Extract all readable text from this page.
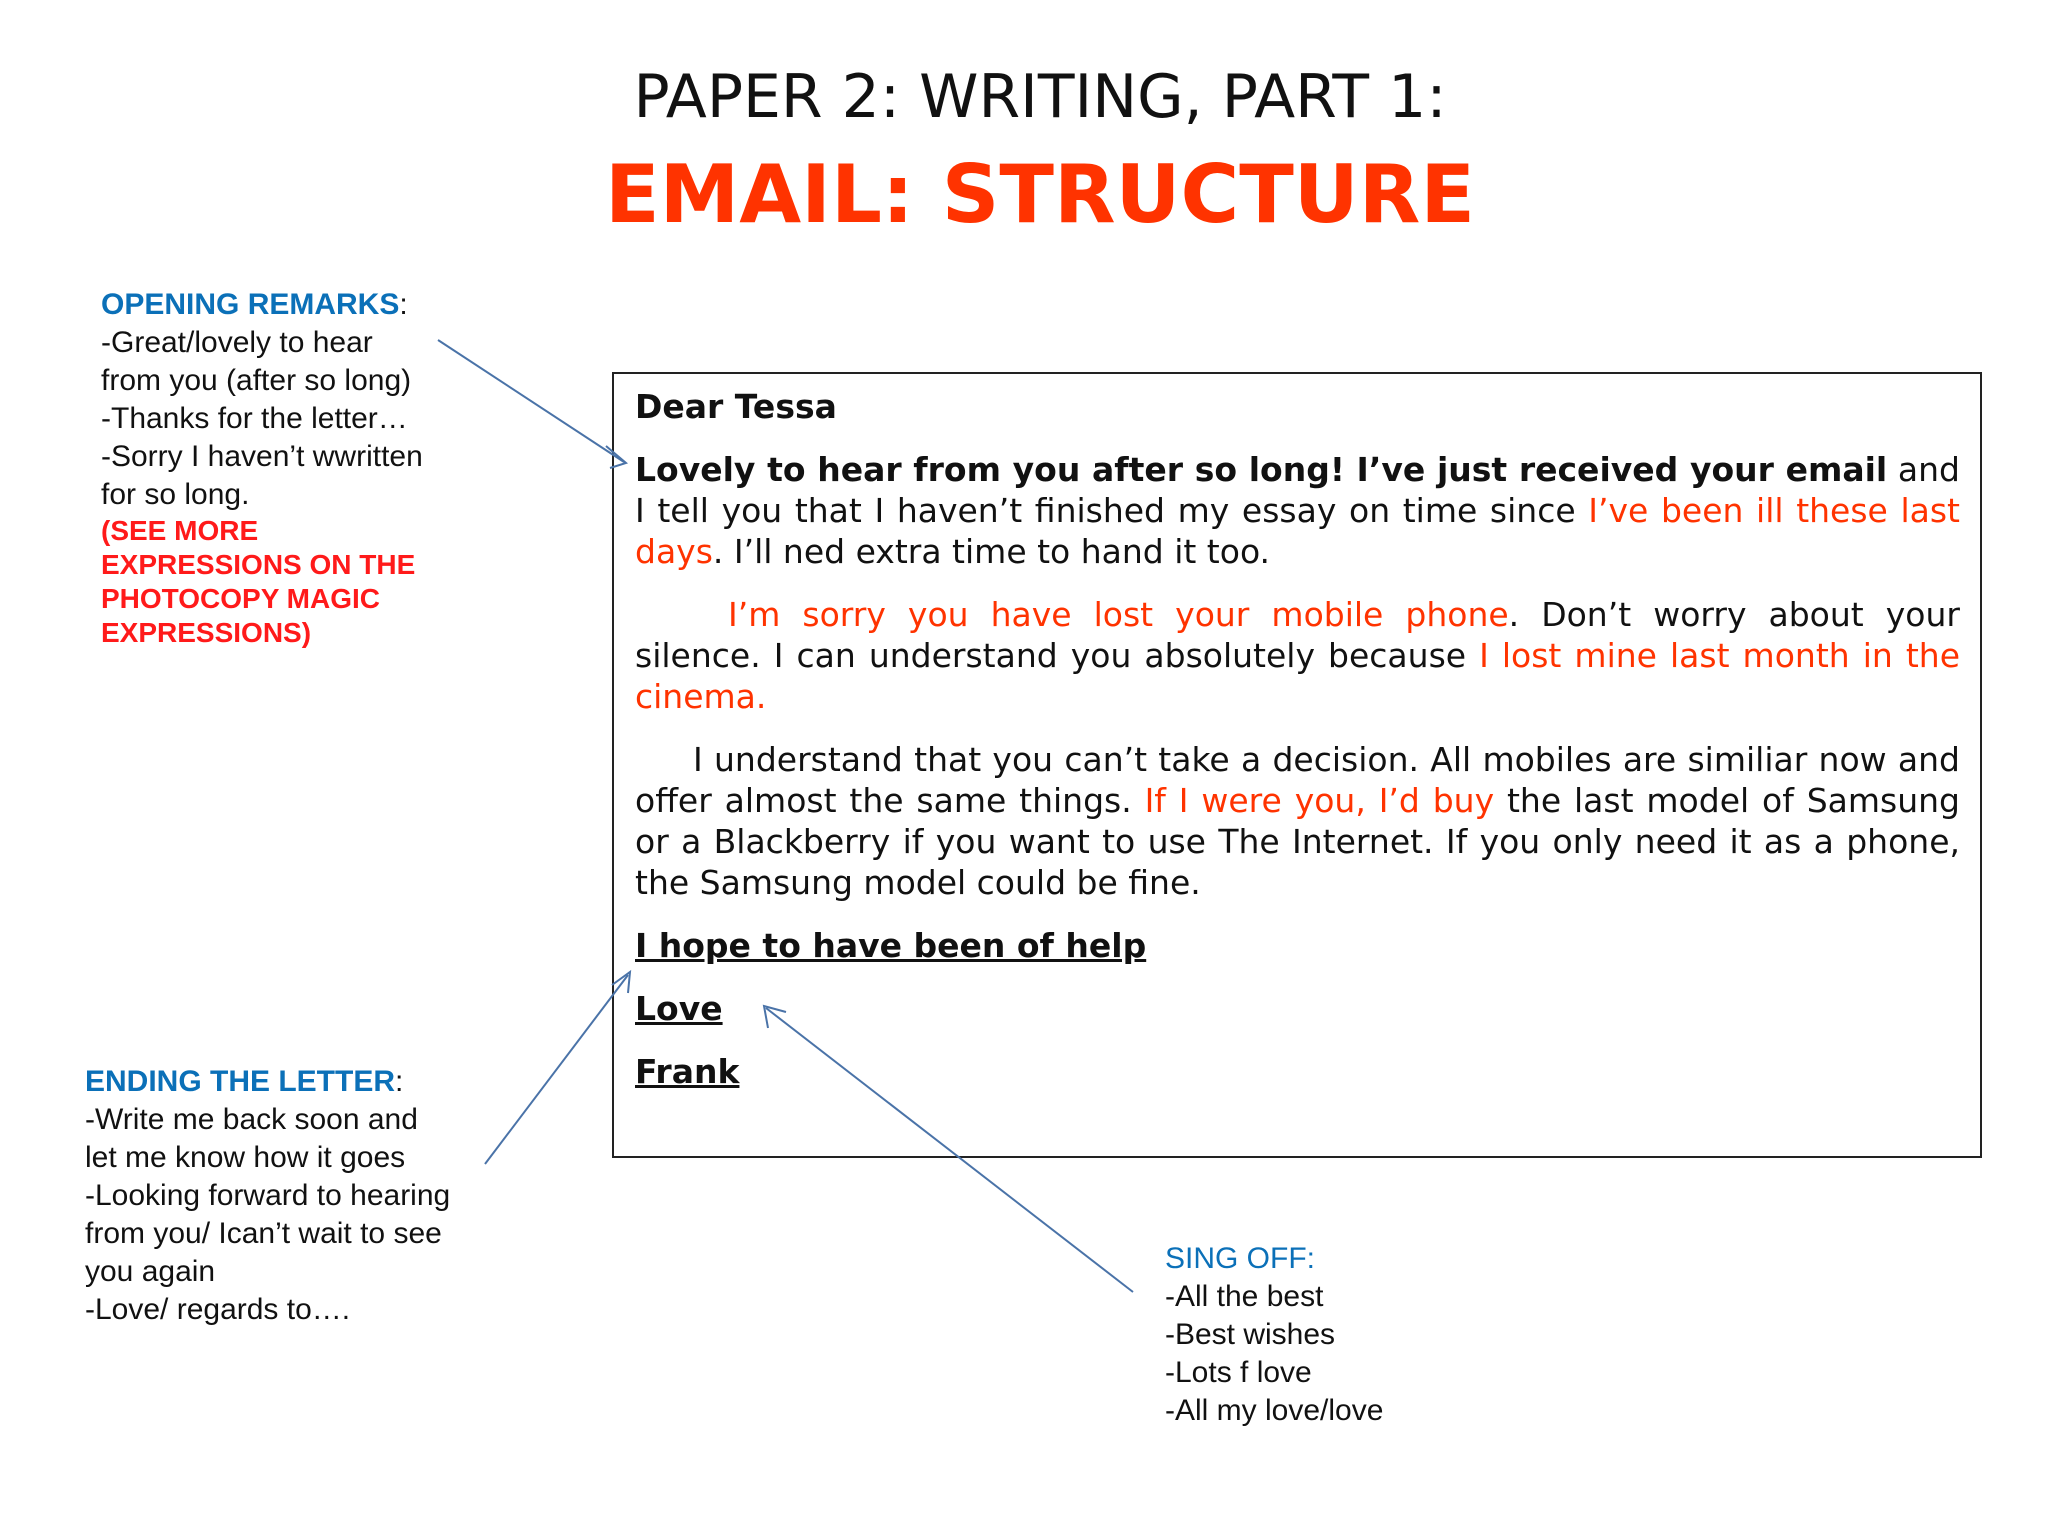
PAPER 2: WRITING, PART 1:
EMAIL: STRUCTURE
OPENING REMARKS:
-Great/lovely to hear
from you (after so long)
-Thanks for the letter…
-Sorry I haven’t wwritten
for so long.
(SEE MORE
EXPRESSIONS ON THE
PHOTOCOPY MAGIC
EXPRESSIONS)
ENDING THE LETTER:
-Write me back soon and
let me know how it goes
-Looking forward to hearing
from you/ Ican’t wait to see
you again
-Love/ regards to….
SING OFF:
-All the best
-Best wishes
-Lots f love
-All my love/love

Dear Tessa

Lovely to hear from you after so long! I’ve just received your email and I tell you that I haven’t finished my essay on time since I’ve been ill these last days. I’ll ned extra time to hand it too.

I’m sorry you have lost your mobile phone. Don’t worry about your silence. I can understand you absolutely because I lost mine last month in the cinema.

I understand that you can’t take a decision. All mobiles are similiar now and offer almost the same things. If I were you, I’d buy the last model of Samsung or a Blackberry if you want to use The Internet. If you only need it as a phone, the Samsung model could be fine.

I hope to have been of help

Love

Frank
